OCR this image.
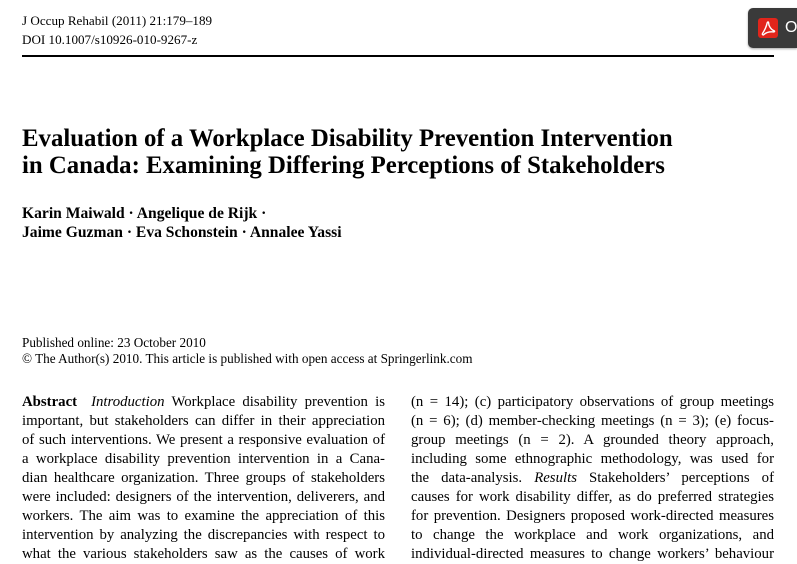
J Occup Rehabil (2011) 21:179–189
DOI 10.1007/s10926-010-9267-z
Evaluation of a Workplace Disability Prevention Intervention
in Canada: Examining Differing Perceptions of Stakeholders
Karin Maiwald · Angelique de Rijk ·
Jaime Guzman · Eva Schonstein · Annalee Yassi
Published online: 23 October 2010
© The Author(s) 2010. This article is published with open access at Springerlink.com
Abstract Introduction Workplace disability prevention is
important, but stakeholders can differ in their appreciation
of such interventions. We present a responsive evaluation of
a workplace disability prevention intervention in a Cana-
dian healthcare organization. Three groups of stakeholders
were included: designers of the intervention, deliverers, and
workers. The aim was to examine the appreciation of this
intervention by analyzing the discrepancies with respect to
what the various stakeholders saw as the causes of work
(n = 14); (c) participatory observations of group meetings
(n = 6); (d) member-checking meetings (n = 3); (e) focus-
group meetings (n = 2). A grounded theory approach,
including some ethnographic methodology, was used for
the data-analysis. Results Stakeholders’ perceptions of
causes for work disability differ, as do preferred strategies
for prevention. Designers proposed work-directed measures
to change the workplace and work organizations, and
individual-directed measures to change workers’ behaviour
O
